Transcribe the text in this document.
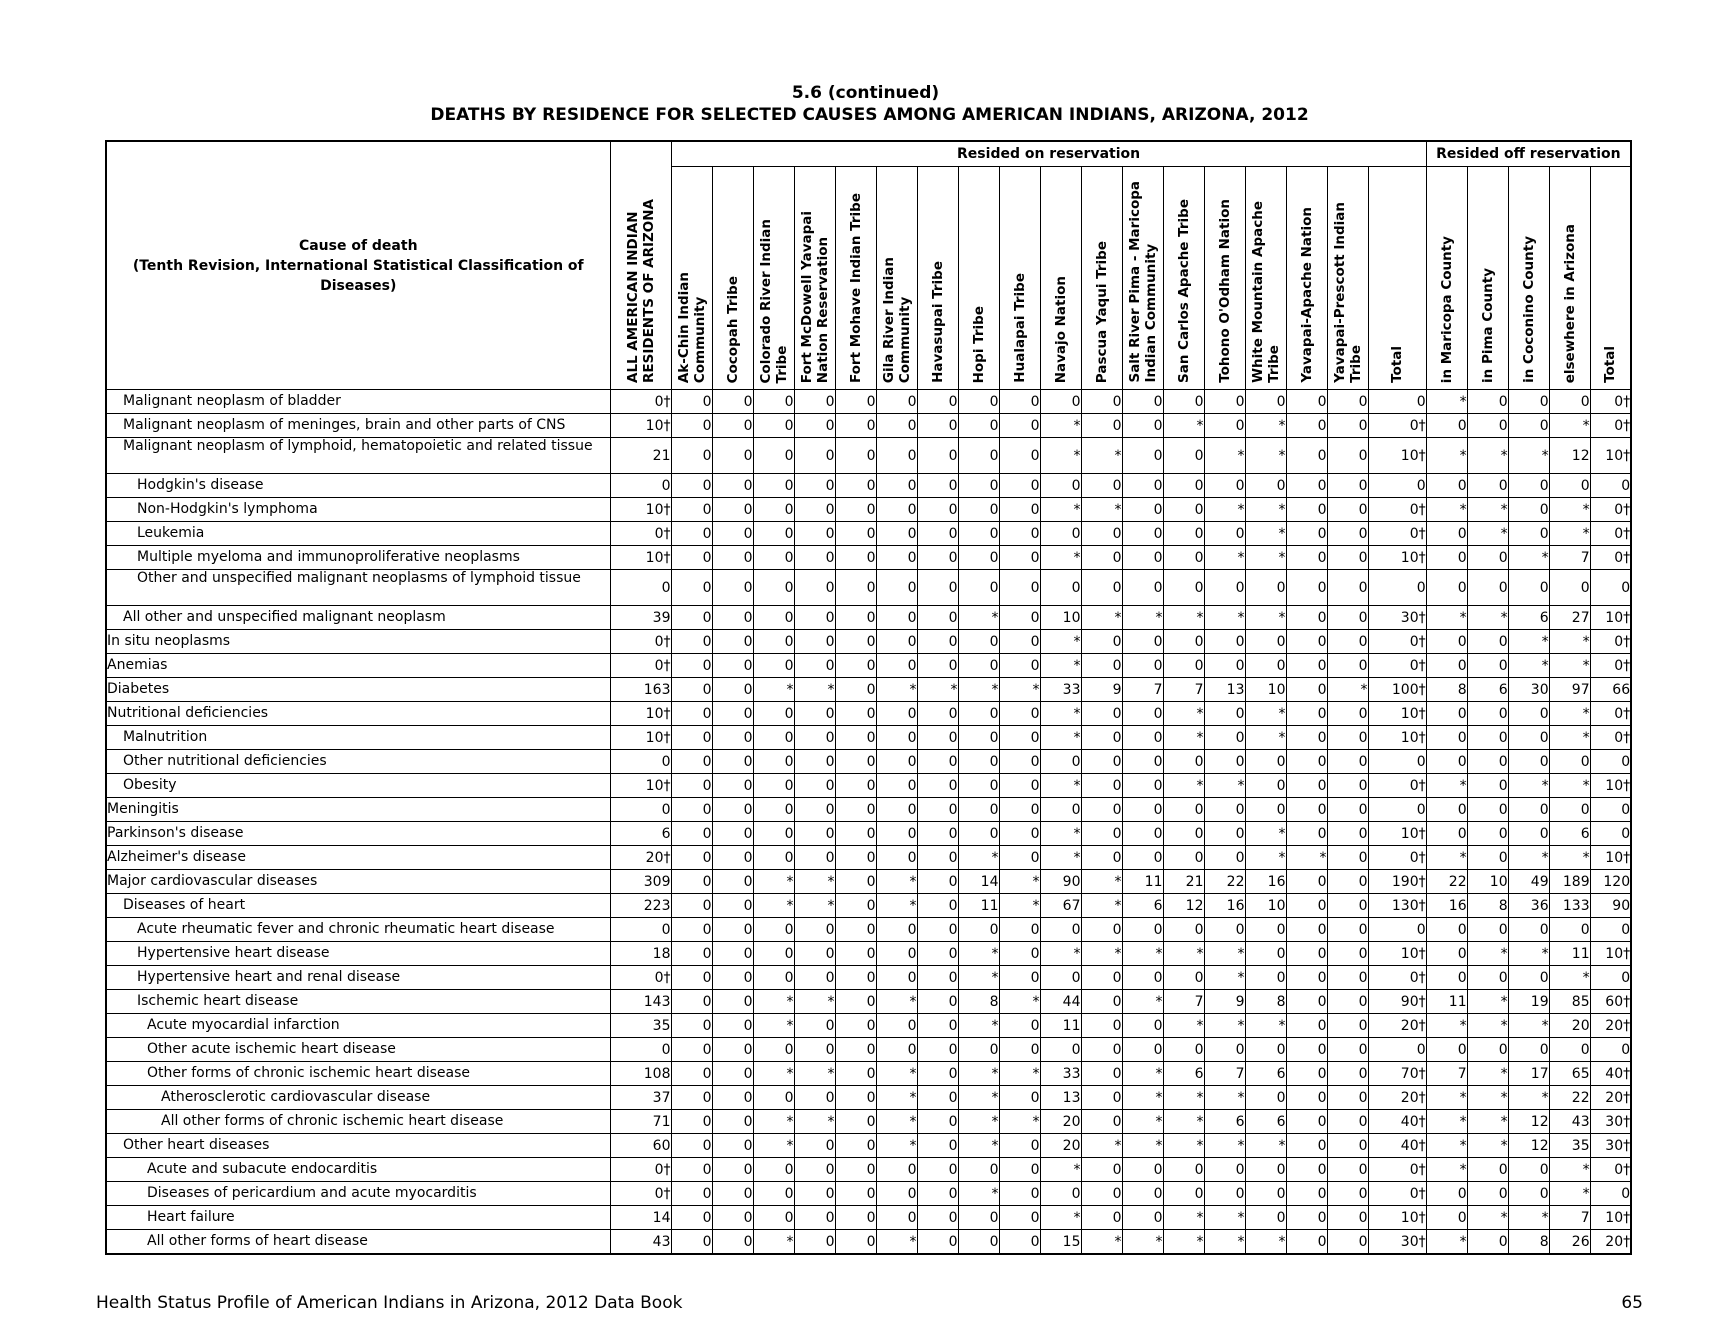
5.6 (continued)
DEATHS BY RESIDENCE FOR SELECTED CAUSES AMONG AMERICAN INDIANS, ARIZONA, 2012
Cause of death
(Tenth Revision, International Statistical Classification of Diseases)	ALL AMERICAN INDIAN
RESIDENTS OF ARIZONA	Resided on reservation																		Resided off reservation				

		Ak-Chin Indian
Community	Cocopah Tribe	Colorado River Indian
Tribe	Fort McDowell Yavapai
Nation Reservation	Fort Mohave Indian Tribe	Gila River Indian
Community	Havasupai Tribe	Hopi Tribe	Hualapai Tribe	Navajo Nation	Pascua Yaqui Tribe	Salt River Pima - Maricopa
Indian Community	San Carlos Apache Tribe	Tohono O'Odham Nation	White Mountain Apache
Tribe	Yavapai-Apache Nation	Yavapai-Prescott Indian
Tribe	Total	in Maricopa County	in Pima County	in Coconino County	elsewhere in Arizona	Total

Malignant neoplasm of bladder	0†	0	0	0	0	0	0	0	0	0	0	0	0	0	0	0	0	0	0	*	0	0	0	0†
Malignant neoplasm of meninges, brain and other parts of CNS	10†	0	0	0	0	0	0	0	0	0	*	0	0	*	0	*	0	0	0†	0	0	0	*	0†
Malignant neoplasm of lymphoid, hematopoietic and related tissue	21	0	0	0	0	0	0	0	0	0	*	*	0	0	*	*	0	0	10†	*	*	*	12	10†
Hodgkin's disease	0	0	0	0	0	0	0	0	0	0	0	0	0	0	0	0	0	0	0	0	0	0	0	0
Non-Hodgkin's lymphoma	10†	0	0	0	0	0	0	0	0	0	*	*	0	0	*	*	0	0	0†	*	*	0	*	0†
Leukemia	0†	0	0	0	0	0	0	0	0	0	0	0	0	0	0	*	0	0	0†	0	*	0	*	0†
Multiple myeloma and immunoproliferative neoplasms	10†	0	0	0	0	0	0	0	0	0	*	0	0	0	*	*	0	0	10†	0	0	*	7	0†
Other and unspecified malignant neoplasms of lymphoid tissue	0	0	0	0	0	0	0	0	0	0	0	0	0	0	0	0	0	0	0	0	0	0	0	0
All other and unspecified malignant neoplasm	39	0	0	0	0	0	0	0	*	0	10	*	*	*	*	*	0	0	30†	*	*	6	27	10†
In situ neoplasms	0†	0	0	0	0	0	0	0	0	0	*	0	0	0	0	0	0	0	0†	0	0	*	*	0†
Anemias	0†	0	0	0	0	0	0	0	0	0	*	0	0	0	0	0	0	0	0†	0	0	*	*	0†
Diabetes	163	0	0	*	*	0	*	*	*	*	33	9	7	7	13	10	0	*	100†	8	6	30	97	66
Nutritional deficiencies	10†	0	0	0	0	0	0	0	0	0	*	0	0	*	0	*	0	0	10†	0	0	0	*	0†
Malnutrition	10†	0	0	0	0	0	0	0	0	0	*	0	0	*	0	*	0	0	10†	0	0	0	*	0†
Other nutritional deficiencies	0	0	0	0	0	0	0	0	0	0	0	0	0	0	0	0	0	0	0	0	0	0	0	0
Obesity	10†	0	0	0	0	0	0	0	0	0	*	0	0	*	*	0	0	0	0†	*	0	*	*	10†
Meningitis	0	0	0	0	0	0	0	0	0	0	0	0	0	0	0	0	0	0	0	0	0	0	0	0
Parkinson's disease	6	0	0	0	0	0	0	0	0	0	*	0	0	0	0	*	0	0	10†	0	0	0	6	0
Alzheimer's disease	20†	0	0	0	0	0	0	0	*	0	*	0	0	0	0	*	*	0	0†	*	0	*	*	10†
Major cardiovascular diseases	309	0	0	*	*	0	*	0	14	*	90	*	11	21	22	16	0	0	190†	22	10	49	189	120
Diseases of heart	223	0	0	*	*	0	*	0	11	*	67	*	6	12	16	10	0	0	130†	16	8	36	133	90
Acute rheumatic fever and chronic rheumatic heart disease	0	0	0	0	0	0	0	0	0	0	0	0	0	0	0	0	0	0	0	0	0	0	0	0
Hypertensive heart disease	18	0	0	0	0	0	0	0	*	0	*	*	*	*	*	0	0	0	10†	0	*	*	11	10†
Hypertensive heart and renal disease	0†	0	0	0	0	0	0	0	*	0	0	0	0	0	*	0	0	0	0†	0	0	0	*	0
Ischemic heart disease	143	0	0	*	*	0	*	0	8	*	44	0	*	7	9	8	0	0	90†	11	*	19	85	60†
Acute myocardial infarction	35	0	0	*	0	0	0	0	*	0	11	0	0	*	*	*	0	0	20†	*	*	*	20	20†
Other acute ischemic heart disease	0	0	0	0	0	0	0	0	0	0	0	0	0	0	0	0	0	0	0	0	0	0	0	0
Other forms of chronic ischemic heart disease	108	0	0	*	*	0	*	0	*	*	33	0	*	6	7	6	0	0	70†	7	*	17	65	40†
Atherosclerotic cardiovascular disease	37	0	0	0	0	0	*	0	*	0	13	0	*	*	*	0	0	0	20†	*	*	*	22	20†
All other forms of chronic ischemic heart disease	71	0	0	*	*	0	*	0	*	*	20	0	*	*	6	6	0	0	40†	*	*	12	43	30†
Other heart diseases	60	0	0	*	0	0	*	0	*	0	20	*	*	*	*	*	0	0	40†	*	*	12	35	30†
Acute and subacute endocarditis	0†	0	0	0	0	0	0	0	0	0	*	0	0	0	0	0	0	0	0†	*	0	0	*	0†
Diseases of pericardium and acute myocarditis	0†	0	0	0	0	0	0	0	*	0	0	0	0	0	0	0	0	0	0†	0	0	0	*	0
Heart failure	14	0	0	0	0	0	0	0	0	0	*	0	0	*	*	0	0	0	10†	0	*	*	7	10†
All other forms of heart disease	43	0	0	*	0	0	*	0	0	0	15	*	*	*	*	*	0	0	30†	*	0	8	26	20†
Health Status Profile of American Indians in Arizona, 2012 Data Book	65
